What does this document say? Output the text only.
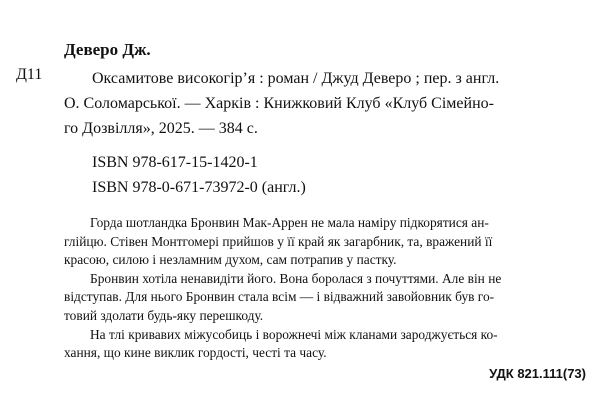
Деверо Дж.
Д11	Оксамитове високогір’я : роман / Джуд Деверо ; пер. з англ.
О. Соломарської. — Харків : Книжковий Клуб «Клуб Сімейно-
го Дозвілля», 2025. — 384 с.
ISBN 978-617-15-1420-1
ISBN 978-0-671-73972-0 (англ.)
Горда шотландка Бронвин Мак-Аррен не мала наміру підкорятися ан-
глійцю. Стівен Монтгомері прийшов у її край як загарбник, та, вражений її
красою, силою і незламним духом, сам потрапив у пастку.
Бронвин хотіла ненавидіти його. Вона боролася з почуттями. Але він не
відступав. Для нього Бронвин стала всім — і відважний завойовник був го-
товий здолати будь-яку перешкоду.
На тлі кривавих міжусобиць і ворожнечі між кланами зароджується ко-
хання, що кине виклик гордості, честі та часу.
УДК 821.111(73)
